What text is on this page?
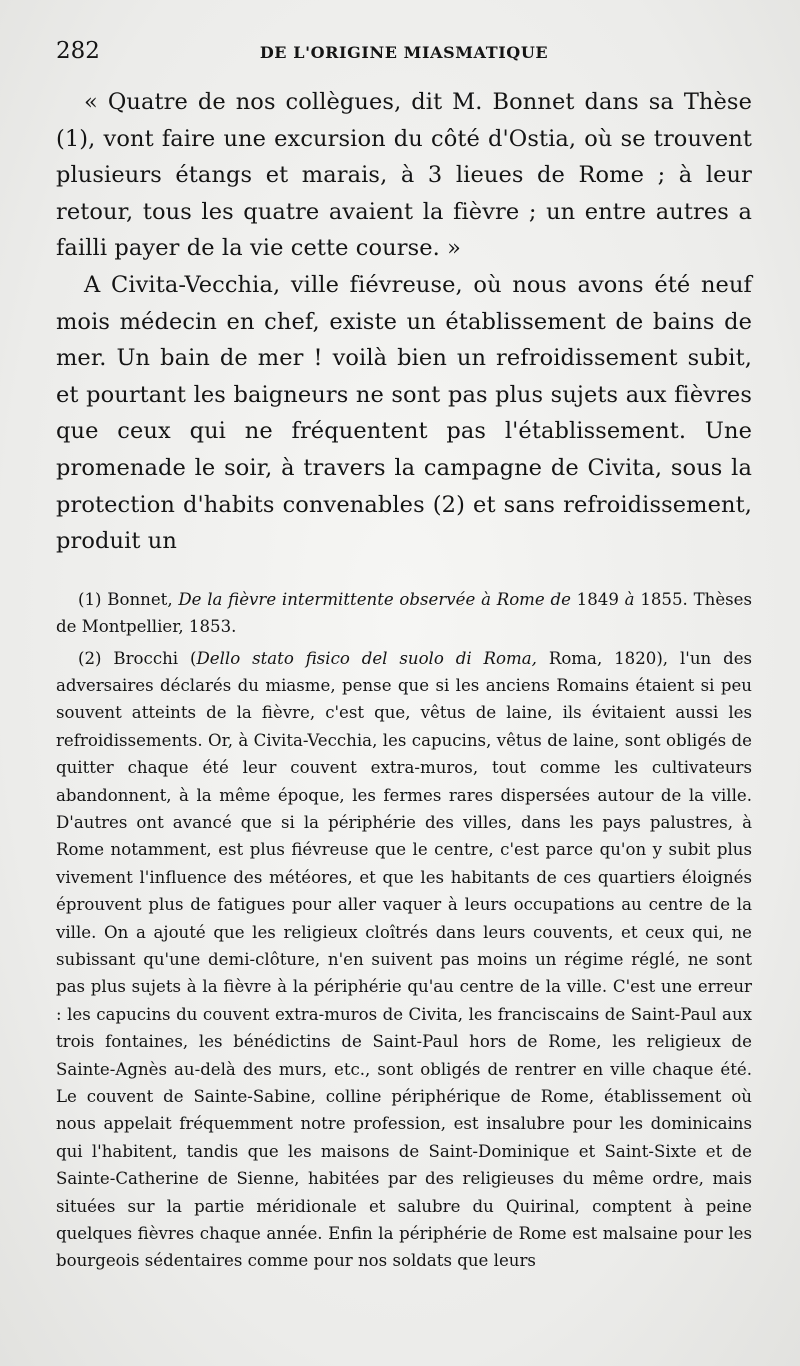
282	DE L'ORIGINE MIASMATIQUE

« Quatre de nos collègues, dit M. Bonnet dans sa Thèse (1), vont faire une excursion du côté d'Ostia, où se trouvent plusieurs étangs et marais, à 3 lieues de Rome ; à leur retour, tous les quatre avaient la fièvre ; un entre autres a failli payer de la vie cette course. »

A Civita-Vecchia, ville fiévreuse, où nous avons été neuf mois médecin en chef, existe un établissement de bains de mer. Un bain de mer ! voilà bien un refroidissement subit, et pourtant les baigneurs ne sont pas plus sujets aux fièvres que ceux qui ne fréquentent pas l'établissement. Une promenade le soir, à travers la campagne de Civita, sous la protection d'habits convenables (2) et sans refroidissement, produit un

(1) Bonnet, De la fièvre intermittente observée à Rome de 1849 à 1855. Thèses de Montpellier, 1853.

(2) Brocchi (Dello stato fisico del suolo di Roma, Roma, 1820), l'un des adversaires déclarés du miasme, pense que si les anciens Romains étaient si peu souvent atteints de la fièvre, c'est que, vêtus de laine, ils évitaient aussi les refroidissements. Or, à Civita-Vecchia, les capucins, vêtus de laine, sont obligés de quitter chaque été leur couvent extra-muros, tout comme les cultivateurs abandonnent, à la même époque, les fermes rares dispersées autour de la ville. D'autres ont avancé que si la périphérie des villes, dans les pays palustres, à Rome notamment, est plus fiévreuse que le centre, c'est parce qu'on y subit plus vivement l'influence des météores, et que les habitants de ces quartiers éloignés éprouvent plus de fatigues pour aller vaquer à leurs occupations au centre de la ville. On a ajouté que les religieux cloîtrés dans leurs couvents, et ceux qui, ne subissant qu'une demi-clôture, n'en suivent pas moins un régime réglé, ne sont pas plus sujets à la fièvre à la périphérie qu'au centre de la ville. C'est une erreur : les capucins du couvent extra-muros de Civita, les franciscains de Saint-Paul aux trois fontaines, les bénédictins de Saint-Paul hors de Rome, les religieux de Sainte-Agnès au-delà des murs, etc., sont obligés de rentrer en ville chaque été. Le couvent de Sainte-Sabine, colline périphérique de Rome, établissement où nous appelait fréquemment notre profession, est insalubre pour les dominicains qui l'habitent, tandis que les maisons de Saint-Dominique et Saint-Sixte et de Sainte-Catherine de Sienne, habitées par des religieuses du même ordre, mais situées sur la partie méridionale et salubre du Quirinal, comptent à peine quelques fièvres chaque année. Enfin la périphérie de Rome est malsaine pour les bourgeois sédentaires comme pour nos soldats que leurs
